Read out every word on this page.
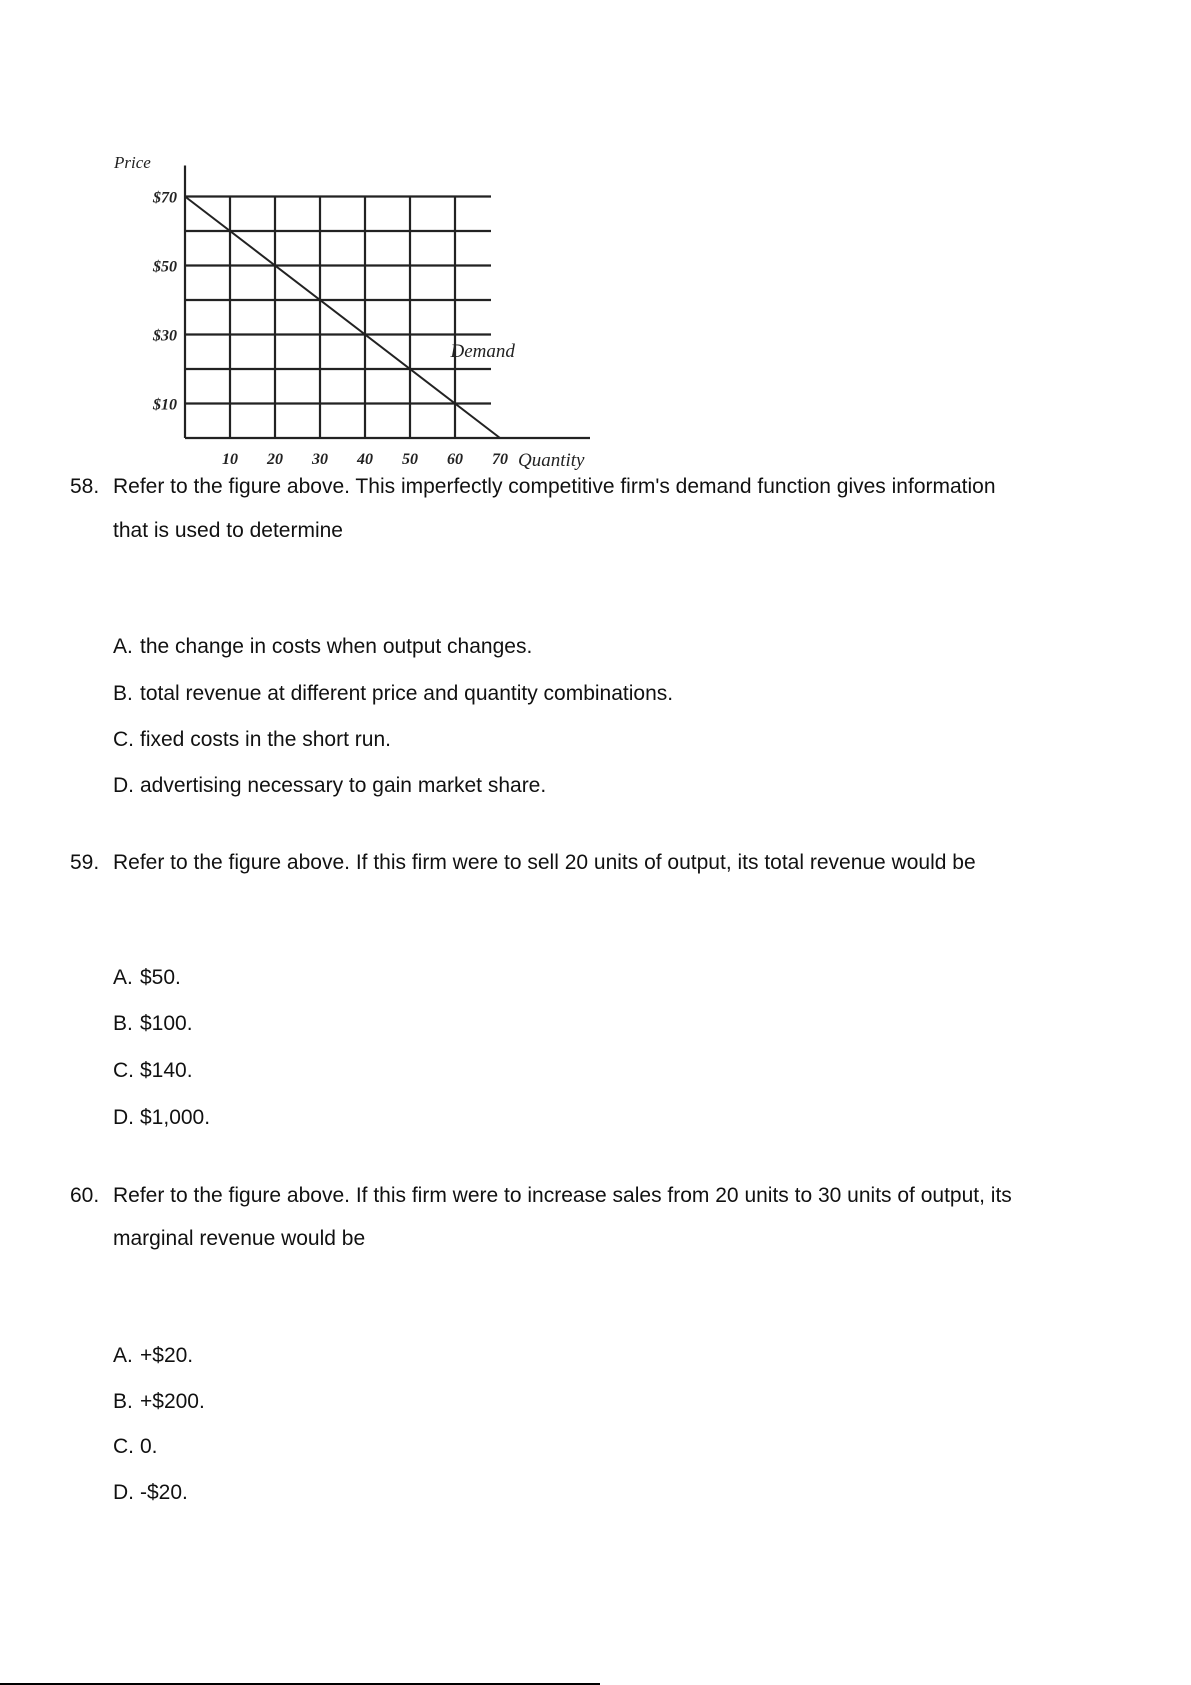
10 20 30 40 50 60 70
$70
$50
$30
$10
Price
Quantity
Demand
58. Refer to the figure above. This imperfectly competitive firm's demand function gives information
that is used to determine
A. the change in costs when output changes.
B. total revenue at different price and quantity combinations.
C. fixed costs in the short run.
D. advertising necessary to gain market share.
59. Refer to the figure above. If this firm were to sell 20 units of output, its total revenue would be
A. $50.
B. $100.
C. $140.
D. $1,000.
60. Refer to the figure above. If this firm were to increase sales from 20 units to 30 units of output, its
marginal revenue would be
A. +$20.
B. +$200.
C. 0.
D. -$20.
